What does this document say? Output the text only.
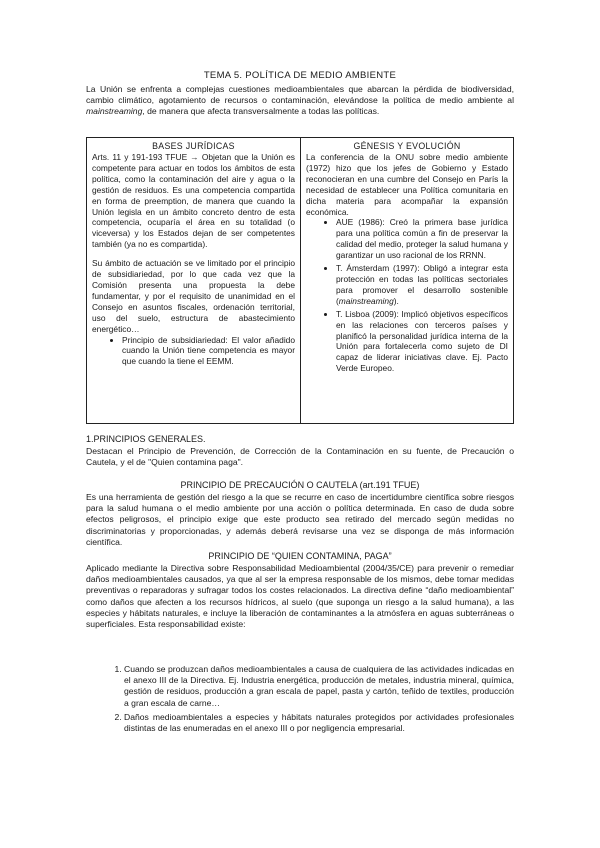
TEMA 5. POLÍTICA DE MEDIO AMBIENTE

La Unión se enfrenta a complejas cuestiones medioambientales que abarcan la pérdida de biodiversidad, cambio climático, agotamiento de recursos o contaminación, elevándose la política de medio ambiente al mainstreaming, de manera que afecta transversalmente a todas las políticas.

BASES JURÍDICAS

Arts. 11 y 191-193 TFUE → Objetan que la Unión es competente para actuar en todos los ámbitos de esta política, como la contaminación del aire y agua o la gestión de residuos. Es una competencia compartida en forma de preemption, de manera que cuando la Unión legisla en un ámbito concreto dentro de esta competencia, ocuparía el área en su totalidad (o viceversa) y los Estados dejan de ser competentes también (ya no es compartida).

Su ámbito de actuación se ve limitado por el principio de subsidiariedad, por lo que cada vez que la Comisión presenta una propuesta la debe fundamentar, y por el requisito de unanimidad en el Consejo en asuntos fiscales, ordenación territorial, uso del suelo, estructura de abastecimiento energético…

• Principio de subsidiariedad: El valor añadido cuando la Unión tiene competencia es mayor que cuando la tiene el EEMM.
GÉNESIS Y EVOLUCIÓN

La conferencia de la ONU sobre medio ambiente (1972) hizo que los jefes de Gobierno y Estado reconocieran en una cumbre del Consejo en París la necesidad de establecer una Política comunitaria en dicha materia para acompañar la expansión económica.

• AUE (1986): Creó la primera base jurídica para una política común a fin de preservar la calidad del medio, proteger la salud humana y garantizar un uso racional de los RRNN.
• T. Ámsterdam (1997): Obligó a integrar esta protección en todas las políticas sectoriales para promover el desarrollo sostenible (mainstreaming).
• T. Lisboa (2009): Implicó objetivos específicos en las relaciones con terceros países y planificó la personalidad jurídica interna de la Unión para fortalecerla como sujeto de DI capaz de liderar iniciativas clave. Ej. Pacto Verde Europeo.
1.PRINCIPIOS GENERALES.

Destacan el Principio de Prevención, de Corrección de la Contaminación en su fuente, de Precaución o Cautela, y el de "Quien contamina paga".

PRINCIPIO DE PRECAUCIÓN O CAUTELA (art.191 TFUE)

Es una herramienta de gestión del riesgo a la que se recurre en caso de incertidumbre científica sobre riesgos para la salud humana o el medio ambiente por una acción o política determinada. En caso de duda sobre efectos peligrosos, el principio exige que este producto sea retirado del mercado según medidas no discriminatorias y proporcionadas, y además deberá revisarse una vez se disponga de más información científica.

PRINCIPIO DE “QUIEN CONTAMINA, PAGA”

Aplicado mediante la Directiva sobre Responsabilidad Medioambiental (2004/35/CE) para prevenir o remediar daños medioambientales causados, ya que al ser la empresa responsable de los mismos, debe tomar medidas preventivas o reparadoras y sufragar todos los costes relacionados. La directiva define “daño medioambiental” como daños que afecten a los recursos hídricos, al suelo (que suponga un riesgo a la salud humana), a las especies y hábitats naturales, e incluye la liberación de contaminantes a la atmósfera en aguas subterráneas o superficiales. Esta responsabilidad existe:

1. Cuando se produzcan daños medioambientales a causa de cualquiera de las actividades indicadas en el anexo III de la Directiva. Ej. Industria energética, producción de metales, industria mineral, química, gestión de residuos, producción a gran escala de papel, pasta y cartón, teñido de textiles, producción a gran escala de carne…
2. Daños medioambientales a especies y hábitats naturales protegidos por actividades profesionales distintas de las enumeradas en el anexo III o por negligencia empresarial.
